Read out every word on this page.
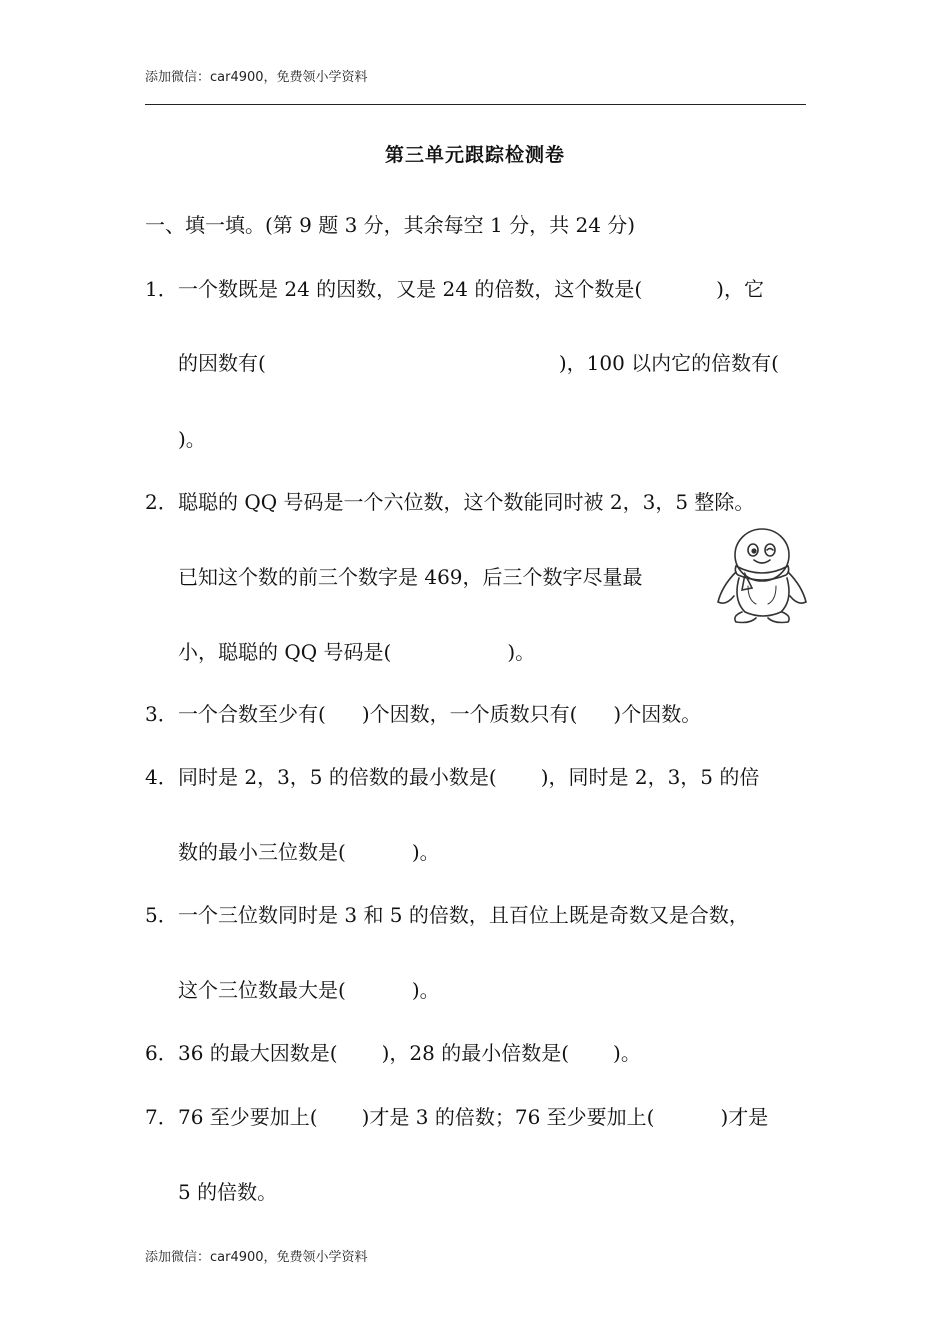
添加微信：car4900，免费领小学资料
第三单元跟踪检测卷
一、填一填。(第 9 题 3 分，其余每空 1 分，共 24 分)
1． 一个数既是 24 的因数，又是 24 的倍数，这个数是(	)，它
的因数有(	)，100 以内它的倍数有(
)。
2． 聪聪的 QQ 号码是一个六位数，这个数能同时被 2，3，5 整除。
已知这个数的前三个数字是 469，后三个数字尽量最
小，聪聪的 QQ 号码是(	)。
3． 一个合数至少有( )个因数，一个质数只有( )个因数。
4． 同时是 2，3，5 的倍数的最小数是( )，同时是 2，3，5 的倍
数的最小三位数是(	)。
5． 一个三位数同时是 3 和 5 的倍数，且百位上既是奇数又是合数，
这个三位数最大是(	)。
6． 36 的最大因数是( )，28 的最小倍数是( )。
7． 76 至少要加上( )才是 3 的倍数；76 至少要加上(	)才是
5 的倍数。
添加微信：car4900，免费领小学资料
